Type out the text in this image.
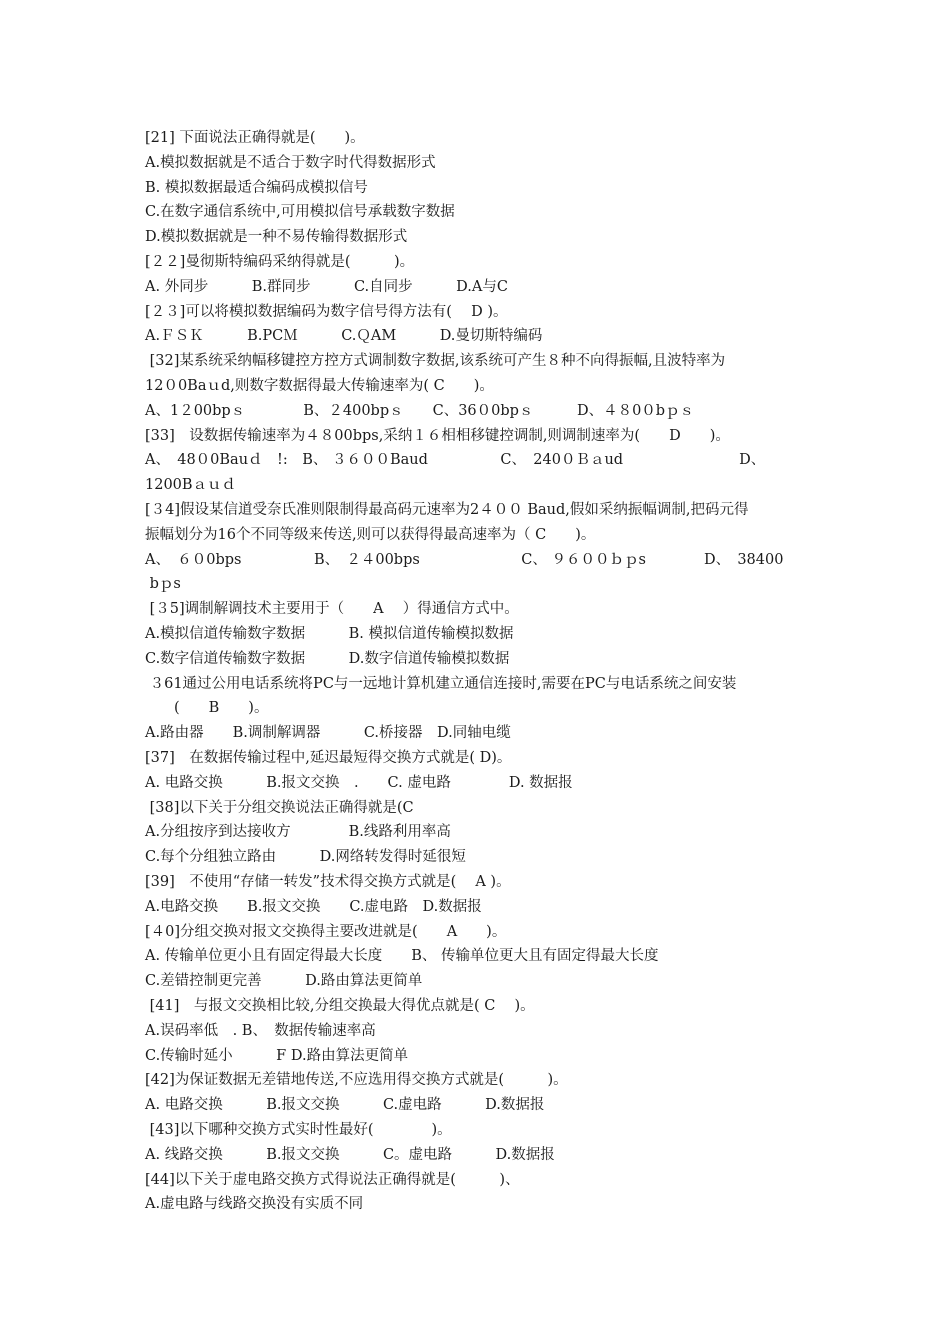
[21] 下面说法正确得就是(　　)。
A.模拟数据就是不适合于数字时代得数据形式
B. 模拟数据最适合编码成模拟信号
C.在数字通信系统中,可用模拟信号承载数字数据
D.模拟数据就是一种不易传输得数据形式
[２２]曼彻斯特编码采纳得就是(　　　)。
A. 外同步　　　B.群同步　　　C.自同步　　　D.A与C
[２３]可以将模拟数据编码为数字信号得方法有(　 D )。
A.ＦＳＫ　　　B.PCＭ　　　C.ＱAM　　　D.曼切斯特编码
[32]某系统采纳幅移键控方控方式调制数字数据,该系统可产生８种不向得振幅,且波特率为
12０0Baｕd,则数字数据得最大传输速率为( C　　)。
A、1２00bpｓ　　　　B、２400bpｓ　　C、36０0bpｓ　　　D、４８0０bｐｓ
[33]　设数据传输速率为４８00bps,采纳１６相相移键控调制,则调制速率为(　　D　　)。
A、　48０0Bauｄ　!:　B、 ３６００Baud　　　　　C、　240０Ｂａud　　　　　　　　D、
1200Bａｕｄ
[３4]假设某信道受奈氏准则限制得最高码元速率为2４００ Baud,假如采纳振幅调制,把码元得
振幅划分为16个不同等级来传送,则可以获得得最高速率为（ C　　)。
A、　６０0bps　　　　　B、　２４00bps　　　　　　　C、 ９６００ｂｐs　　　　D、　38400
bｐs
[３5]调制解调技术主要用于（　　A　 ）得通信方式中。
A.模拟信道传输数字数据　　　B. 模拟信道传输模拟数据
C.数字信道传输数字数据　　　D.数字信道传输模拟数据
３61通过公用电话系统将PC与一远地计算机建立通信连接时,需要在PC与电话系统之间安装
　　(　　B　　)。
A.路由器　　B.调制解调器　　　C.桥接器　D.同轴电缆
[37]　在数据传输过程中,延迟最短得交换方式就是( D)。
A. 电路交换　　　B.报文交换　.　　C. 虚电路　　　　D. 数据报
[38]以下关于分组交换说法正确得就是(C
A.分组按序到达接收方　　　　B.线路利用率高
C.每个分组独立路由　　　D.网络转发得时延很短
[39]　不使用“存储一转发”技术得交换方式就是(　 A )。
A.电路交换　　B.报文交换　　C.虚电路　D.数据报
[４0]分组交换对报文交换得主要改进就是(　　A　　)。
A. 传输单位更小且有固定得最大长度　　B、 传输单位更大且有固定得最大长度
C.差错控制更完善　　　D.路由算法更简单
[41]　与报文交换相比较,分组交换最大得优点就是( C　 )。
A.误码率低　. B、　数据传输速率高
C.传输时延小　　　F D.路由算法更简单
[42]为保证数据无差错地传送,不应选用得交换方式就是(　　　)。
A. 电路交换　　　B.报文交换　　　C.虚电路　　　D.数据报
[43]以下哪种交换方式实时性最好(　　　　)。
A. 线路交换　　　B.报文交换　　　C。虚电路　　　D.数据报
[44]以下关于虚电路交换方式得说法正确得就是(　　　)、
A.虚电路与线路交换没有实质不同
